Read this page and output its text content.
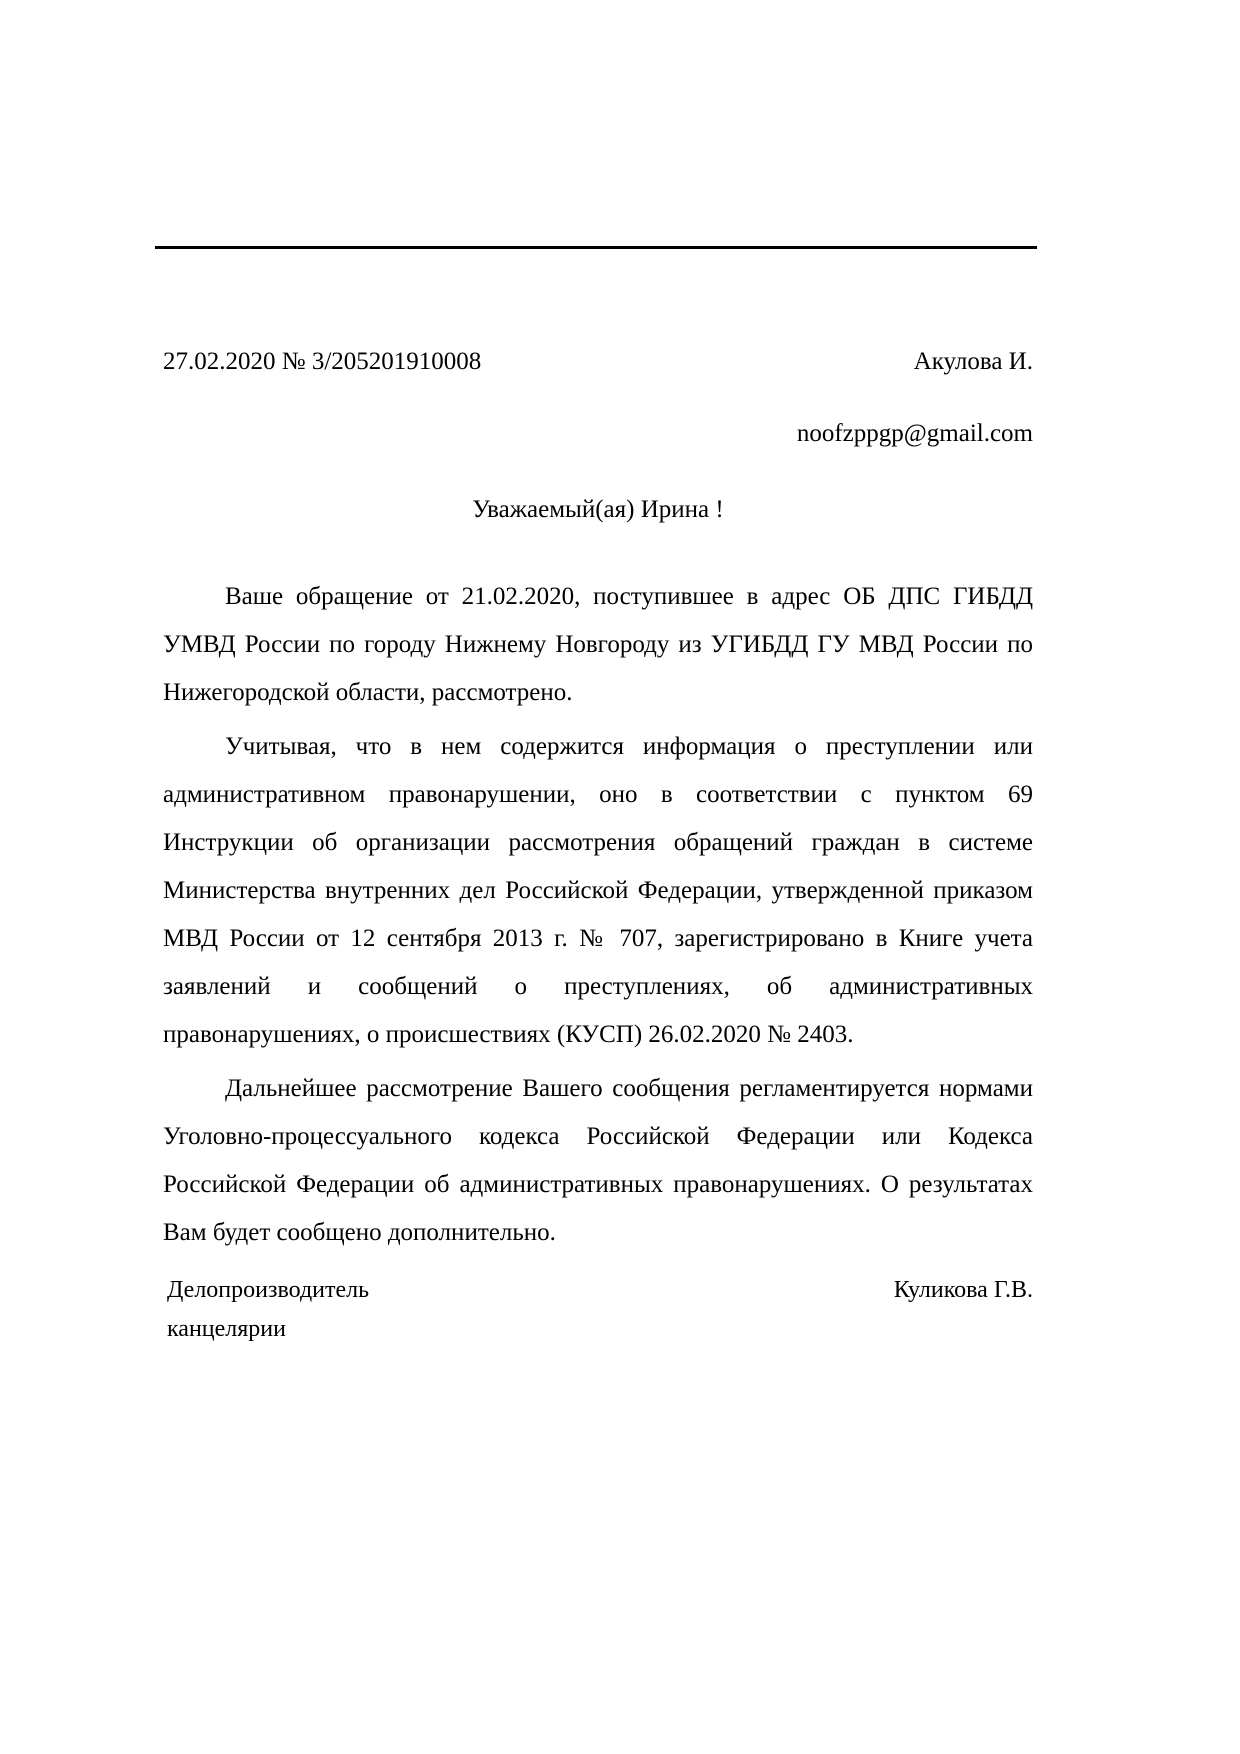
27.02.2020 № 3/205201910008	Акулова И.
noofzppgp@gmail.com
Уважаемый(ая) Ирина !

Ваше обращение от 21.02.2020, поступившее в адрес ОБ ДПС ГИБДД УМВД России по городу Нижнему Новгороду из УГИБДД ГУ МВД России по Нижегородской области, рассмотрено.

Учитывая, что в нем содержится информация о преступлении или административном правонарушении, оно в соответствии с пунктом 69 Инструкции об организации рассмотрения обращений граждан в системе Министерства внутренних дел Российской Федерации, утвержденной приказом МВД России от 12 сентября 2013 г. № 707, зарегистрировано в Книге учета заявлений и сообщений о преступлениях, об административных правонарушениях, о происшествиях (КУСП) 26.02.2020 № 2403.

Дальнейшее рассмотрение Вашего сообщения регламентируется нормами Уголовно-процессуального кодекса Российской Федерации или Кодекса Российской Федерации об административных правонарушениях. О результатах Вам будет сообщено дополнительно.

Делопроизводитель
канцелярии
Куликова Г.В.
